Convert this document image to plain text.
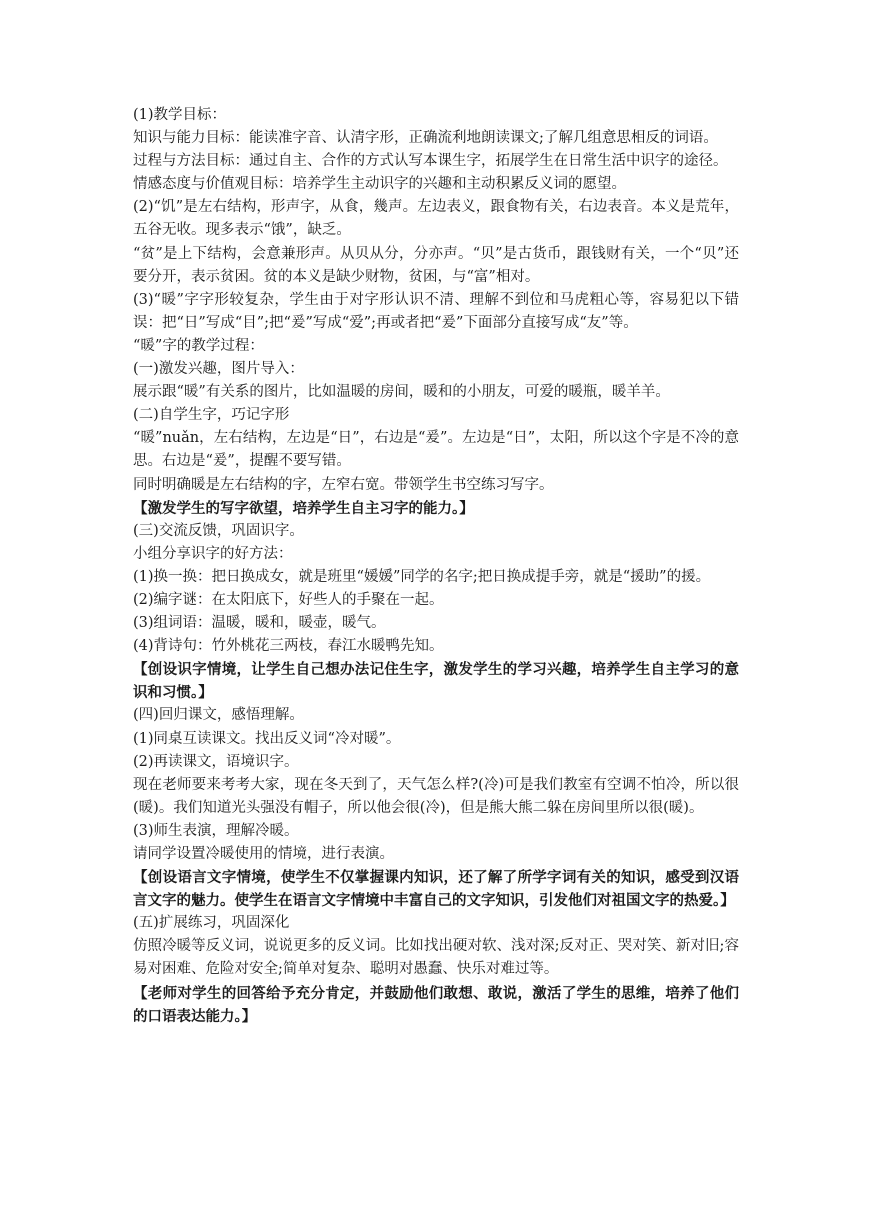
(1)教学目标：
知识与能力目标：能读准字音、认清字形，正确流利地朗读课文;了解几组意思相反的词语。
过程与方法目标：通过自主、合作的方式认写本课生字，拓展学生在日常生活中识字的途径。
情感态度与价值观目标：培养学生主动识字的兴趣和主动积累反义词的愿望。
(2)“饥”是左右结构，形声字，从食，幾声。左边表义，跟食物有关，右边表音。本义是荒年，五谷无收。现多表示“饿”，缺乏。
“贫”是上下结构，会意兼形声。从贝从分，分亦声。“贝”是古货币，跟钱财有关，一个“贝”还要分开，表示贫困。贫的本义是缺少财物，贫困，与“富”相对。
(3)“暖”字字形较复杂，学生由于对字形认识不清、理解不到位和马虎粗心等，容易犯以下错误：把“日”写成“目”;把“爰”写成“爱”;再或者把“爰”下面部分直接写成“友”等。
“暖”字的教学过程：
(一)激发兴趣，图片导入：
展示跟“暖”有关系的图片，比如温暖的房间，暖和的小朋友，可爱的暖瓶，暖羊羊。
(二)自学生字，巧记字形
“暖”nuǎn，左右结构，左边是“日”，右边是“爰”。左边是“日”，太阳，所以这个字是不冷的意思。右边是“爰”，提醒不要写错。
同时明确暖是左右结构的字，左窄右宽。带领学生书空练习写字。
【激发学生的写字欲望，培养学生自主习字的能力。】
(三)交流反馈，巩固识字。
小组分享识字的好方法：
(1)换一换：把日换成女，就是班里“媛媛”同学的名字;把日换成提手旁，就是“援助”的援。
(2)编字谜：在太阳底下，好些人的手聚在一起。
(3)组词语：温暖，暖和，暖壶，暖气。
(4)背诗句：竹外桃花三两枝，春江水暖鸭先知。
【创设识字情境，让学生自己想办法记住生字，激发学生的学习兴趣，培养学生自主学习的意识和习惯。】
(四)回归课文，感悟理解。
(1)同桌互读课文。找出反义词“冷对暖”。
(2)再读课文，语境识字。
现在老师要来考考大家，现在冬天到了，天气怎么样?(冷)可是我们教室有空调不怕冷，所以很(暖)。我们知道光头强没有帽子，所以他会很(冷)，但是熊大熊二躲在房间里所以很(暖)。
(3)师生表演，理解冷暖。
请同学设置冷暖使用的情境，进行表演。
【创设语言文字情境，使学生不仅掌握课内知识，还了解了所学字词有关的知识，感受到汉语言文字的魅力。使学生在语言文字情境中丰富自己的文字知识，引发他们对祖国文字的热爱。】
(五)扩展练习，巩固深化
仿照冷暖等反义词，说说更多的反义词。比如找出硬对软、浅对深;反对正、哭对笑、新对旧;容易对困难、危险对安全;简单对复杂、聪明对愚蠢、快乐对难过等。
【老师对学生的回答给予充分肯定，并鼓励他们敢想、敢说，激活了学生的思维，培养了他们的口语表达能力。】
